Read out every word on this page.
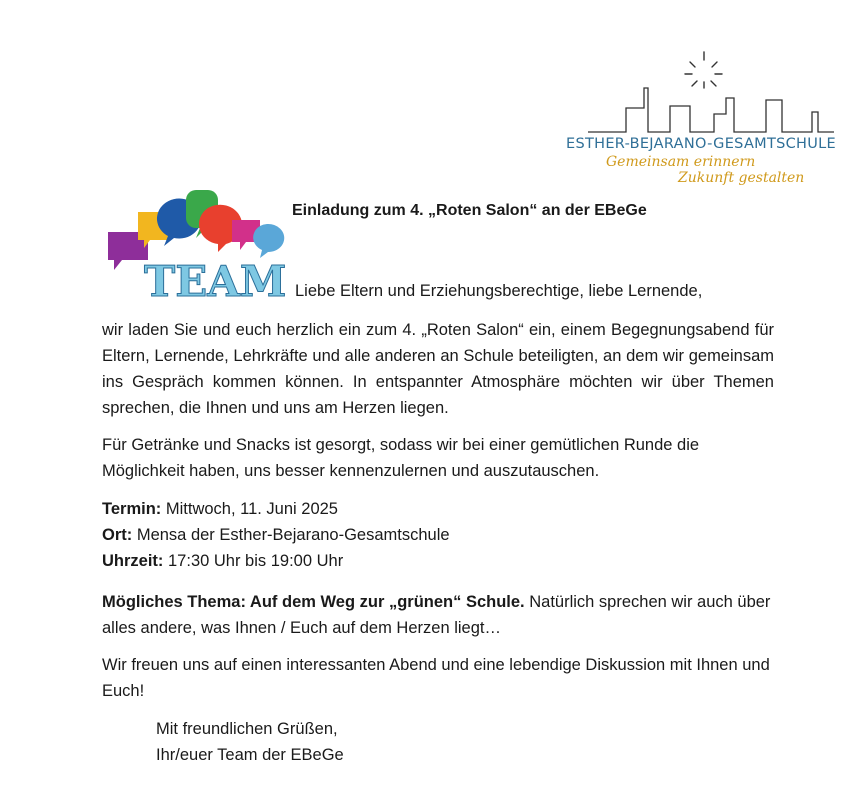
ESTHER-BEJARANO-GESAMTSCHULE
Gemeinsam erinnern
Zukunft gestalten
TEAM
Einladung zum 4. „Roten Salon“ an der EBeGe
Liebe Eltern und Erziehungsberechtige, liebe Lernende,

wir laden Sie und euch herzlich ein zum 4. „Roten Salon“ ein, einem Begegnungsabend für Eltern, Lernende, Lehrkräfte und alle anderen an Schule beteiligten, an dem wir gemeinsam ins Gespräch kommen können. In entspannter Atmosphäre möchten wir über Themen sprechen, die Ihnen und uns am Herzen liegen.

Für Getränke und Snacks ist gesorgt, sodass wir bei einer gemütlichen Runde die Möglichkeit haben, uns besser kennenzulernen und auszutauschen.

Termin: Mittwoch, 11. Juni 2025
Ort: Mensa der Esther-Bejarano-Gesamtschule
Uhrzeit: 17:30 Uhr bis 19:00 Uhr

Mögliches Thema: Auf dem Weg zur „grünen“ Schule. Natürlich sprechen wir auch über alles andere, was Ihnen / Euch auf dem Herzen liegt…

Wir freuen uns auf einen interessanten Abend und eine lebendige Diskussion mit Ihnen und Euch!

Mit freundlichen Grüßen,
Ihr/euer Team der EBeGe
